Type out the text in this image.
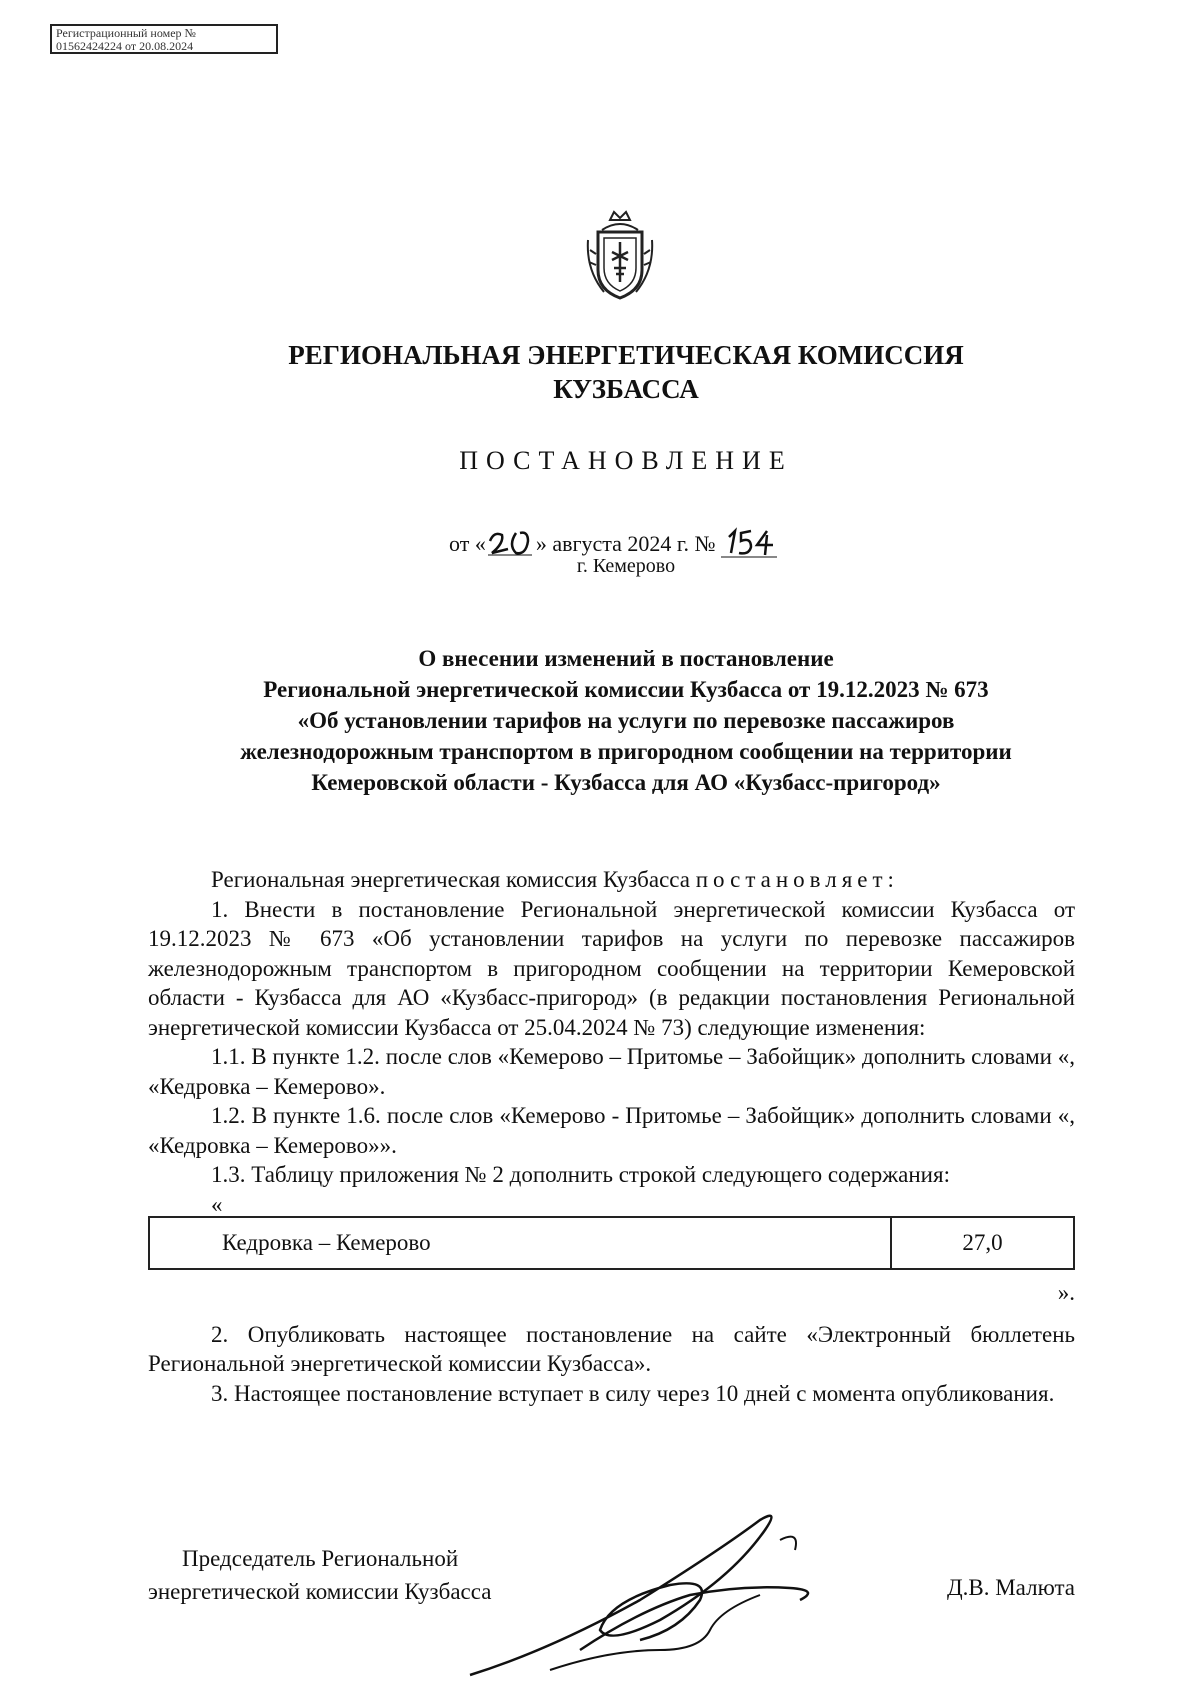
Регистрационный номер №
01562424224 от 20.08.2024
РЕГИОНАЛЬНАЯ ЭНЕРГЕТИЧЕСКАЯ КОМИССИЯ
КУЗБАССА
ПОСТАНОВЛЕНИЕ
от « » августа 2024 г. №
г. Кемерово
О внесении изменений в постановление
Региональной энергетической комиссии Кузбасса от 19.12.2023 № 673
«Об установлении тарифов на услуги по перевозке пассажиров
железнодорожным транспортом в пригородном сообщении на территории
Кемеровской области - Кузбасса для АО «Кузбасс-пригород»

Региональная энергетическая комиссия Кузбасса постановляет:

1. Внести в постановление Региональной энергетической комиссии Кузбасса от 19.12.2023 № 673 «Об установлении тарифов на услуги по перевозке пассажиров железнодорожным транспортом в пригородном сообщении на территории Кемеровской области - Кузбасса для АО «Кузбасс-пригород» (в редакции постановления Региональной энергетической комиссии Кузбасса от 25.04.2024 № 73) следующие изменения:

1.1. В пункте 1.2. после слов «Кемерово – Притомье – Забойщик» дополнить словами «, «Кедровка – Кемерово».

1.2. В пункте 1.6. после слов «Кемерово - Притомье – Забойщик» дополнить словами «, «Кедровка – Кемерово»».

1.3. Таблицу приложения № 2 дополнить строкой следующего содержания:

«
Кедровка – Кемерово	27,0
».

2. Опубликовать настоящее постановление на сайте «Электронный бюллетень Региональной энергетической комиссии Кузбасса».

3. Настоящее постановление вступает в силу через 10 дней с момента опубликования.

Председатель Региональной
энергетической комиссии Кузбасса	Д.В. Малюта
